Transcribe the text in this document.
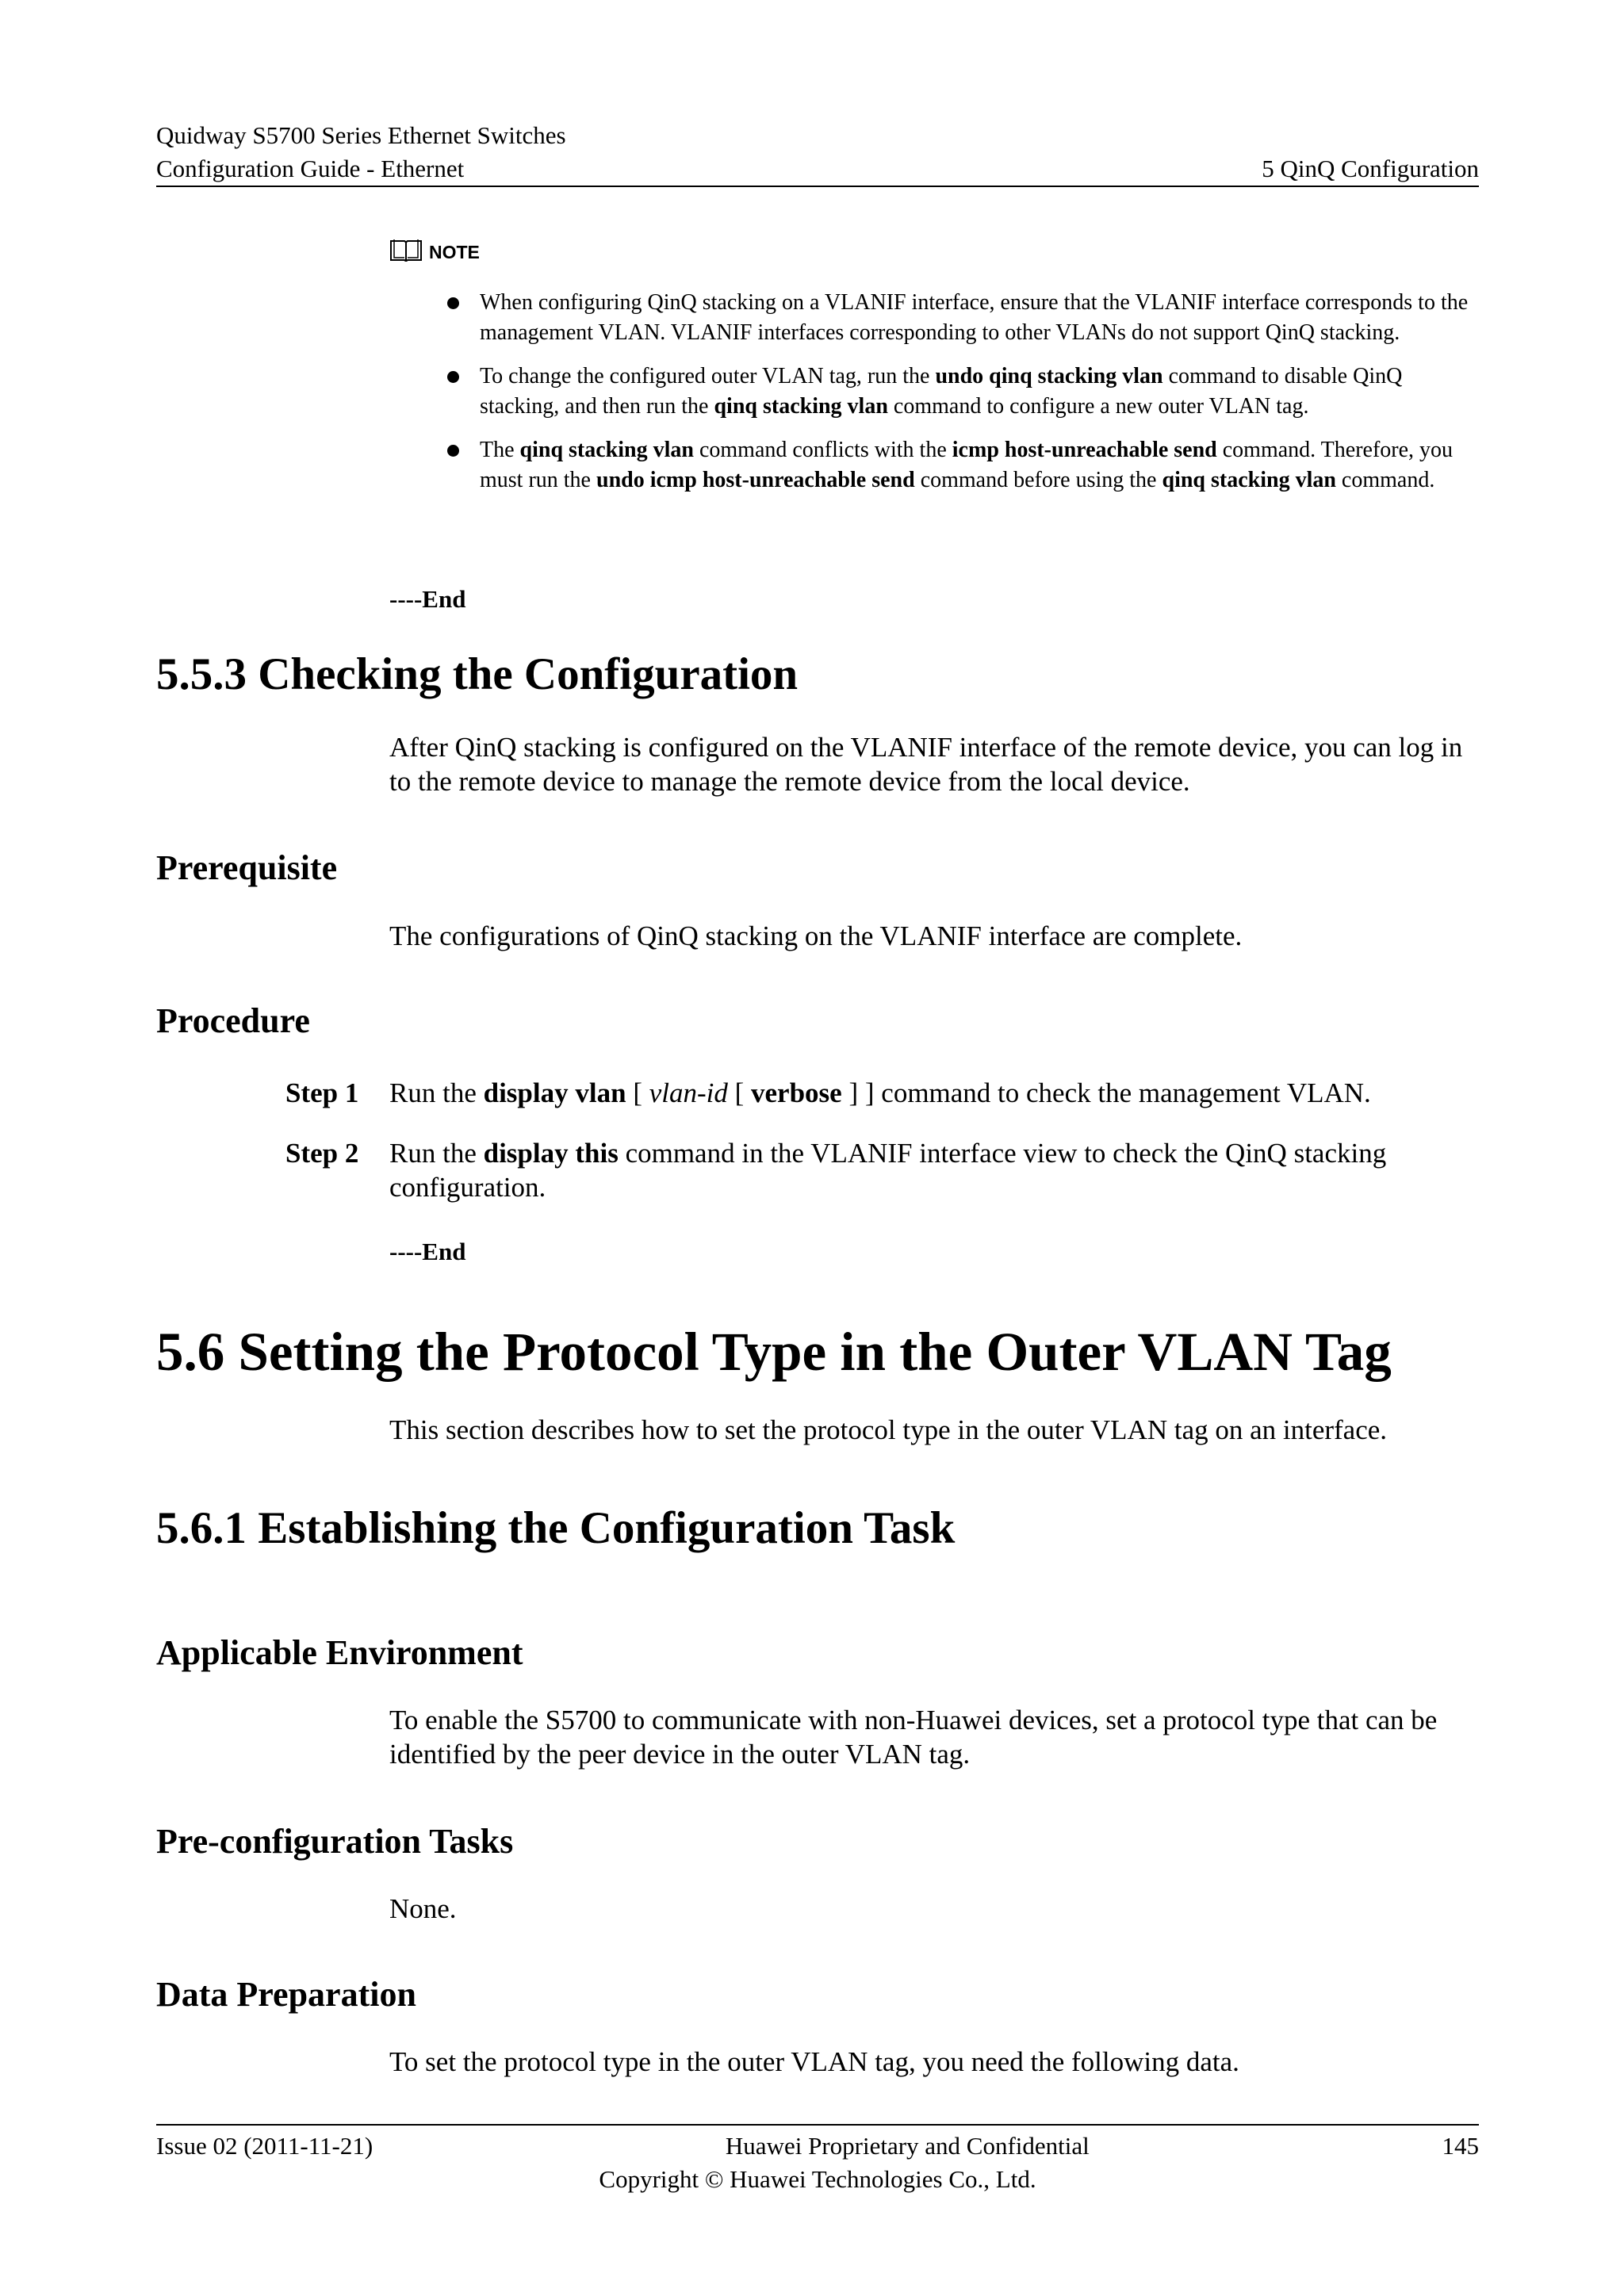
Quidway S5700 Series Ethernet Switches
Configuration Guide - Ethernet	5 QinQ Configuration
NOTE
When configuring QinQ stacking on a VLANIF interface, ensure that the VLANIF interface corresponds to the management VLAN. VLANIF interfaces corresponding to other VLANs do not support QinQ stacking.
To change the configured outer VLAN tag, run the undo qinq stacking vlan command to disable QinQ stacking, and then run the qinq stacking vlan command to configure a new outer VLAN tag.
The qinq stacking vlan command conflicts with the icmp host-unreachable send command. Therefore, you must run the undo icmp host-unreachable send command before using the qinq stacking vlan command.
----End
5.5.3 Checking the Configuration

After QinQ stacking is configured on the VLANIF interface of the remote device, you can log in to the remote device to manage the remote device from the local device.

Prerequisite

The configurations of QinQ stacking on the VLANIF interface are complete.

Procedure
Step 1	Run the display vlan [ vlan-id [ verbose ] ] command to check the management VLAN.
Step 2	Run the display this command in the VLANIF interface view to check the QinQ stacking configuration.
----End
5.6 Setting the Protocol Type in the Outer VLAN Tag

This section describes how to set the protocol type in the outer VLAN tag on an interface.

5.6.1 Establishing the Configuration Task
Applicable Environment

To enable the S5700 to communicate with non-Huawei devices, set a protocol type that can be identified by the peer device in the outer VLAN tag.

Pre-configuration Tasks

None.

Data Preparation

To set the protocol type in the outer VLAN tag, you need the following data.

Issue 02 (2011-11-21)	Huawei Proprietary and Confidential	145
Copyright © Huawei Technologies Co., Ltd.
